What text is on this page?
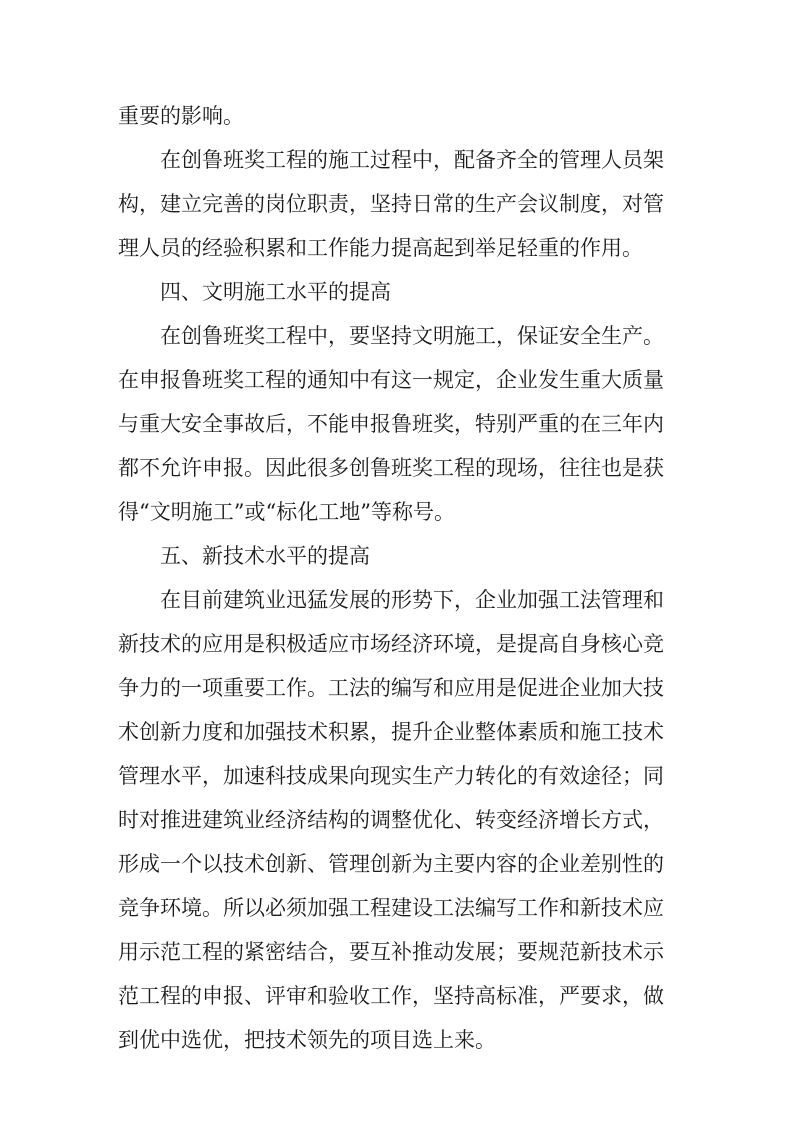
重要的影响。
在创鲁班奖工程的施工过程中，配备齐全的管理人员架
构，建立完善的岗位职责，坚持日常的生产会议制度，对管
理人员的经验积累和工作能力提高起到举足轻重的作用。
四、文明施工水平的提高
在创鲁班奖工程中，要坚持文明施工，保证安全生产。
在申报鲁班奖工程的通知中有这一规定，企业发生重大质量
与重大安全事故后，不能申报鲁班奖，特别严重的在三年内
都不允许申报。因此很多创鲁班奖工程的现场，往往也是获
得“文明施工”或“标化工地”等称号。
五、新技术水平的提高
在目前建筑业迅猛发展的形势下，企业加强工法管理和
新技术的应用是积极适应市场经济环境，是提高自身核心竞
争力的一项重要工作。工法的编写和应用是促进企业加大技
术创新力度和加强技术积累，提升企业整体素质和施工技术
管理水平，加速科技成果向现实生产力转化的有效途径；同
时对推进建筑业经济结构的调整优化、转变经济增长方式，
形成一个以技术创新、管理创新为主要内容的企业差别性的
竞争环境。所以必须加强工程建设工法编写工作和新技术应
用示范工程的紧密结合，要互补推动发展；要规范新技术示
范工程的申报、评审和验收工作，坚持高标准，严要求，做
到优中选优，把技术领先的项目选上来。
